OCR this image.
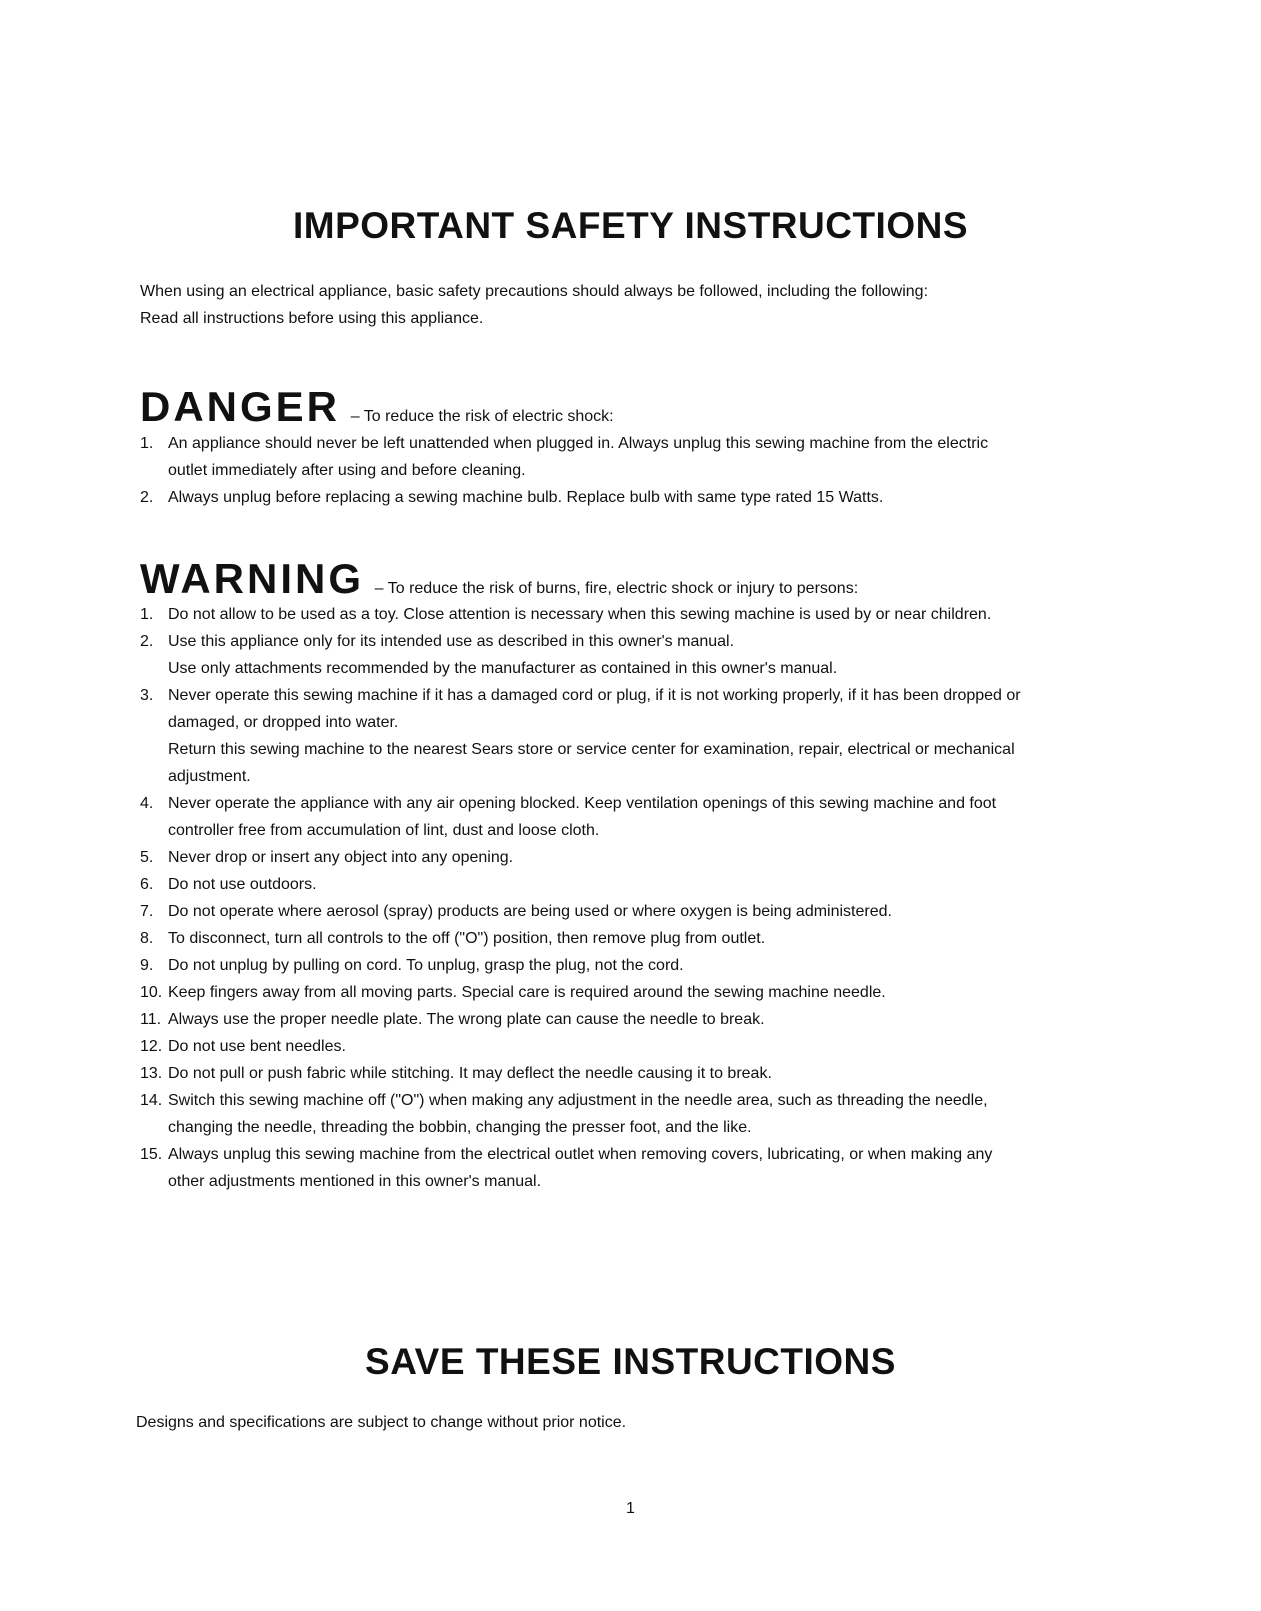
IMPORTANT SAFETY INSTRUCTIONS

When using an electrical appliance, basic safety precautions should always be followed, including the following:

Read all instructions before using this appliance.

DANGER – To reduce the risk of electric shock:
1. An appliance should never be left unattended when plugged in. Always unplug this sewing machine from the electric
outlet immediately after using and before cleaning.
2. Always unplug before replacing a sewing machine bulb. Replace bulb with same type rated 15 Watts.
WARNING – To reduce the risk of burns, fire, electric shock or injury to persons:
1. Do not allow to be used as a toy. Close attention is necessary when this sewing machine is used by or near children.
2. Use this appliance only for its intended use as described in this owner's manual.
Use only attachments recommended by the manufacturer as contained in this owner's manual.
3. Never operate this sewing machine if it has a damaged cord or plug, if it is not working properly, if it has been dropped or
damaged, or dropped into water.
Return this sewing machine to the nearest Sears store or service center for examination, repair, electrical or mechanical
adjustment.
4. Never operate the appliance with any air opening blocked. Keep ventilation openings of this sewing machine and foot
controller free from accumulation of lint, dust and loose cloth.
5. Never drop or insert any object into any opening.
6. Do not use outdoors.
7. Do not operate where aerosol (spray) products are being used or where oxygen is being administered.
8. To disconnect, turn all controls to the off ("O") position, then remove plug from outlet.
9. Do not unplug by pulling on cord. To unplug, grasp the plug, not the cord.
10. Keep fingers away from all moving parts. Special care is required around the sewing machine needle.
11. Always use the proper needle plate. The wrong plate can cause the needle to break.
12. Do not use bent needles.
13. Do not pull or push fabric while stitching. It may deflect the needle causing it to break.
14. Switch this sewing machine off ("O") when making any adjustment in the needle area, such as threading the needle,
changing the needle, threading the bobbin, changing the presser foot, and the like.
15. Always unplug this sewing machine from the electrical outlet when removing covers, lubricating, or when making any
other adjustments mentioned in this owner's manual.
SAVE THESE INSTRUCTIONS

Designs and specifications are subject to change without prior notice.

1
